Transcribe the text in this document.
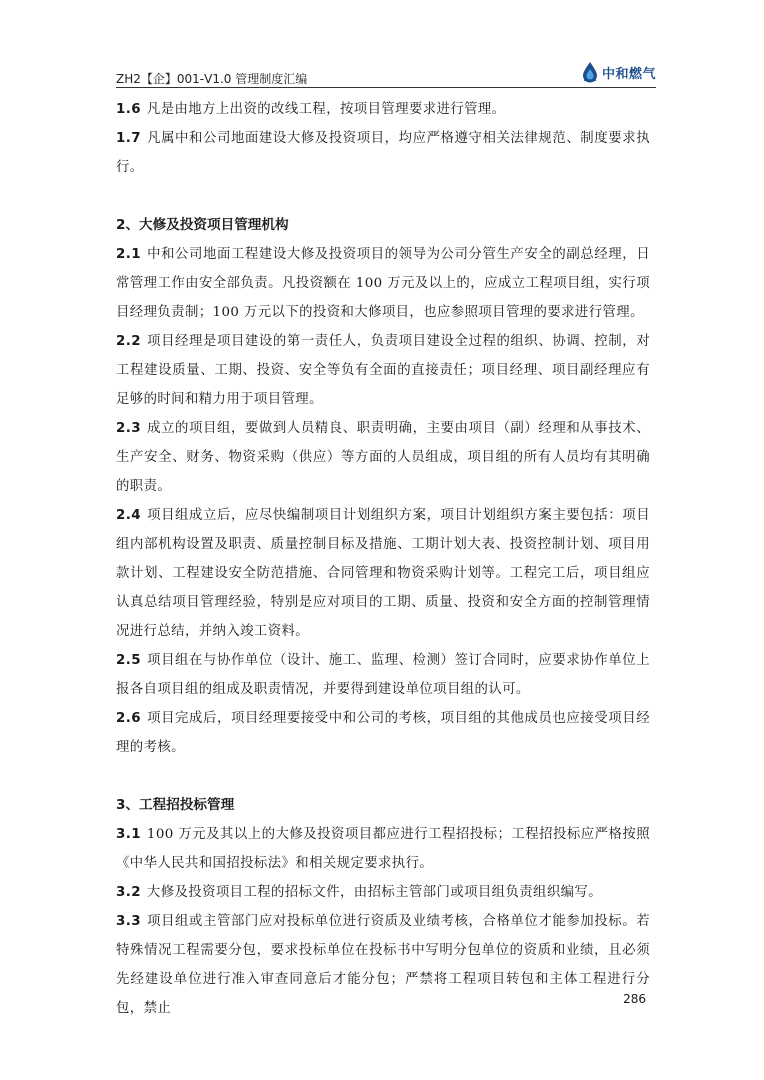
ZH2【企】001-V1.0 管理制度汇编	中和燃气

1.6 凡是由地方上出资的改线工程，按项目管理要求进行管理。

1.7 凡属中和公司地面建设大修及投资项目，均应严格遵守相关法律规范、制度要求执行。

2、大修及投资项目管理机构

2.1 中和公司地面工程建设大修及投资项目的领导为公司分管生产安全的副总经理，日常管理工作由安全部负责。凡投资额在 100 万元及以上的，应成立工程项目组，实行项目经理负责制；100 万元以下的投资和大修项目，也应参照项目管理的要求进行管理。

2.2 项目经理是项目建设的第一责任人，负责项目建设全过程的组织、协调、控制，对工程建设质量、工期、投资、安全等负有全面的直接责任；项目经理、项目副经理应有足够的时间和精力用于项目管理。

2.3 成立的项目组，要做到人员精良、职责明确，主要由项目（副）经理和从事技术、生产安全、财务、物资采购（供应）等方面的人员组成，项目组的所有人员均有其明确的职责。

2.4 项目组成立后，应尽快编制项目计划组织方案，项目计划组织方案主要包括：项目组内部机构设置及职责、质量控制目标及措施、工期计划大表、投资控制计划、项目用款计划、工程建设安全防范措施、合同管理和物资采购计划等。工程完工后，项目组应认真总结项目管理经验，特别是应对项目的工期、质量、投资和安全方面的控制管理情况进行总结，并纳入竣工资料。

2.5 项目组在与协作单位（设计、施工、监理、检测）签订合同时，应要求协作单位上报各自项目组的组成及职责情况，并要得到建设单位项目组的认可。

2.6 项目完成后，项目经理要接受中和公司的考核，项目组的其他成员也应接受项目经理的考核。

3、工程招投标管理

3.1 100 万元及其以上的大修及投资项目都应进行工程招投标；工程招投标应严格按照《中华人民共和国招投标法》和相关规定要求执行。

3.2 大修及投资项目工程的招标文件，由招标主管部门或项目组负责组织编写。

3.3 项目组或主管部门应对投标单位进行资质及业绩考核，合格单位才能参加投标。若特殊情况工程需要分包，要求投标单位在投标书中写明分包单位的资质和业绩，且必须先经建设单位进行准入审查同意后才能分包；严禁将工程项目转包和主体工程进行分包，禁止

286
